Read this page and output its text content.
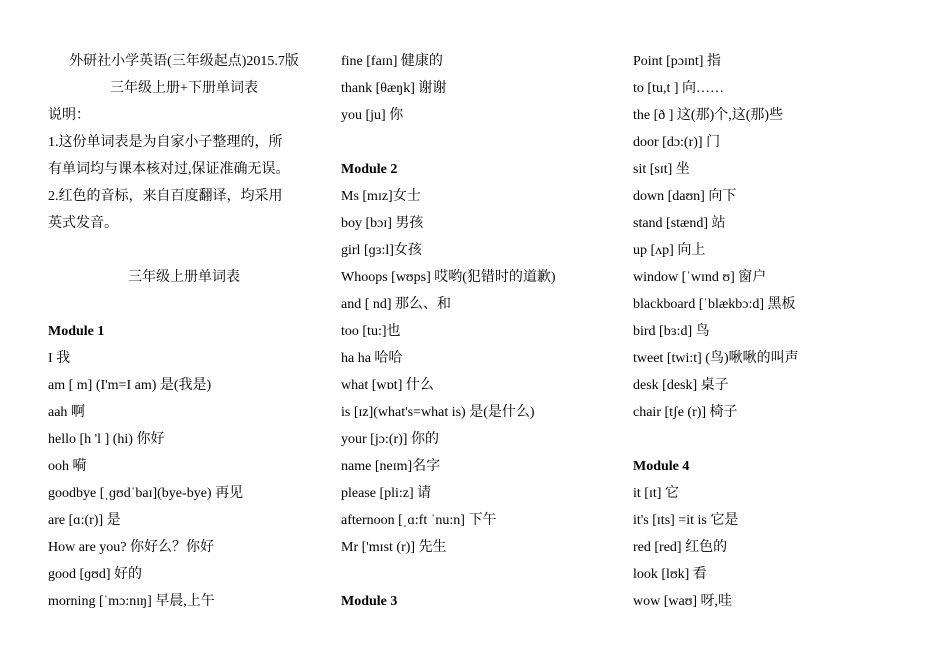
外研社小学英语(三年级起点)2015.7版
三年级上册+下册单词表
说明：
1.这份单词表是为自家小子整理的，所
有单词均与课本核对过,保证准确无误。
2.红色的音标，来自百度翻译，均采用
英式发音。
三年级上册单词表
Module 1
I 我
am [ m] (I'm=I am) 是(我是)
aah 啊
hello [h 'l ] (hi) 你好
ooh 嗬
goodbye [ˌɡʊdˈbaɪ](bye-bye) 再见
are [ɑ:(r)] 是
How are you? 你好么？你好
good [ɡʊd] 好的
morning [ˈmɔ:nɪŋ] 早晨,上午
fine [faɪn] 健康的
thank [θæŋk] 谢谢
you [ju] 你
Module 2
Ms [mɪz]女士
boy [bɔɪ] 男孩
girl [ɡɜ:l]女孩
Whoops [wʊps] 哎哟(犯错时的道歉)
and [ nd] 那么、和
too [tu:]也
ha ha 哈哈
what [wɒt] 什么
is [ɪz](what's=what is) 是(是什么)
your [jɔ:(r)] 你的
name [neɪm]名字
please [pli:z] 请
afternoon [ˌɑ:ft ˈnu:n] 下午
Mr ['mɪst (r)] 先生
Module 3
Point [pɔɪnt] 指
to [tu,t ] 向……
the [ð ] 这(那)个,这(那)些
door [dɔ:(r)] 门
sit [sɪt] 坐
down [daʊn] 向下
stand [stænd] 站
up [ʌp] 向上
window [ˈwɪnd ʊ] 窗户
blackboard [ˈblækbɔ:d] 黑板
bird [bɜ:d] 鸟
tweet [twi:t] (鸟)啾啾的叫声
desk [desk] 桌子
chair [tʃe (r)] 椅子
Module 4
it [ɪt] 它
it's [ɪts] =it is 它是
red [red] 红色的
look [lʊk] 看
wow [waʊ] 呀,哇
